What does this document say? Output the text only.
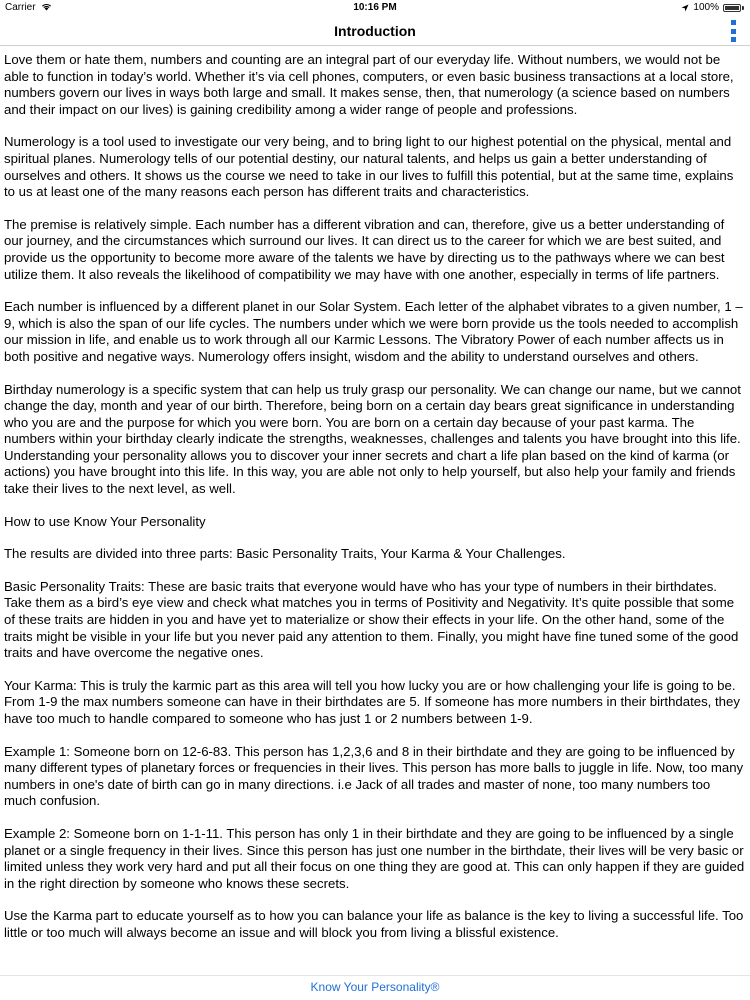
Carrier	10:16 PM	100%
Introduction

Love them or hate them, numbers and counting are an integral part of our everyday life. Without numbers, we would not be able to function in today’s world. Whether it’s via cell phones, computers, or even basic business transactions at a local store, numbers govern our lives in ways both large and small. It makes sense, then, that numerology (a science based on numbers and their impact on our lives) is gaining credibility among a wider range of people and professions.

Numerology is a tool used to investigate our very being, and to bring light to our highest potential on the physical, mental and spiritual planes. Numerology tells of our potential destiny, our natural talents, and helps us gain a better understanding of ourselves and others. It shows us the course we need to take in our lives to fulfill this potential, but at the same time, explains to us at least one of the many reasons each person has different traits and characteristics.

The premise is relatively simple. Each number has a different vibration and can, therefore, give us a better understanding of our journey, and the circumstances which surround our lives. It can direct us to the career for which we are best suited, and provide us the opportunity to become more aware of the talents we have by directing us to the pathways where we can best utilize them. It also reveals the likelihood of compatibility we may have with one another, especially in terms of life partners.

Each number is influenced by a different planet in our Solar System. Each letter of the alphabet vibrates to a given number, 1 – 9, which is also the span of our life cycles. The numbers under which we were born provide us the tools needed to accomplish our mission in life, and enable us to work through all our Karmic Lessons. The Vibratory Power of each number affects us in both positive and negative ways. Numerology offers insight, wisdom and the ability to understand ourselves and others.

Birthday numerology is a specific system that can help us truly grasp our personality. We can change our name, but we cannot change the day, month and year of our birth. Therefore, being born on a certain day bears great significance in understanding who you are and the purpose for which you were born. You are born on a certain day because of your past karma. The numbers within your birthday clearly indicate the strengths, weaknesses, challenges and talents you have brought into this life. Understanding your personality allows you to discover your inner secrets and chart a life plan based on the kind of karma (or actions) you have brought into this life. In this way, you are able not only to help yourself, but also help your family and friends take their lives to the next level, as well.

How to use Know Your Personality

The results are divided into three parts: Basic Personality Traits, Your Karma & Your Challenges.

Basic Personality Traits: These are basic traits that everyone would have who has your type of numbers in their birthdates. Take them as a bird’s eye view and check what matches you in terms of Positivity and Negativity. It’s quite possible that some of these traits are hidden in you and have yet to materialize or show their effects in your life. On the other hand, some of the traits might be visible in your life but you never paid any attention to them. Finally, you might have fine tuned some of the good traits and have overcome the negative ones.

Your Karma: This is truly the karmic part as this area will tell you how lucky you are or how challenging your life is going to be. From 1-9 the max numbers someone can have in their birthdates are 5. If someone has more numbers in their birthdates, they have too much to handle compared to someone who has just 1 or 2 numbers between 1-9.

Example 1: Someone born on 12-6-83. This person has 1,2,3,6 and 8 in their birthdate and they are going to be influenced by many different types of planetary forces or frequencies in their lives. This person has more balls to juggle in life. Now, too many numbers in one's date of birth can go in many directions. i.e Jack of all trades and master of none, too many numbers too much confusion.

Example 2: Someone born on 1-1-11. This person has only 1 in their birthdate and they are going to be influenced by a single planet or a single frequency in their lives. Since this person has just one number in the birthdate, their lives will be very basic or limited unless they work very hard and put all their focus on one thing they are good at. This can only happen if they are guided in the right direction by someone who knows these secrets.

Use the Karma part to educate yourself as to how you can balance your life as balance is the key to living a successful life. Too little or too much will always become an issue and will block you from living a blissful existence.

Know Your Personality®
